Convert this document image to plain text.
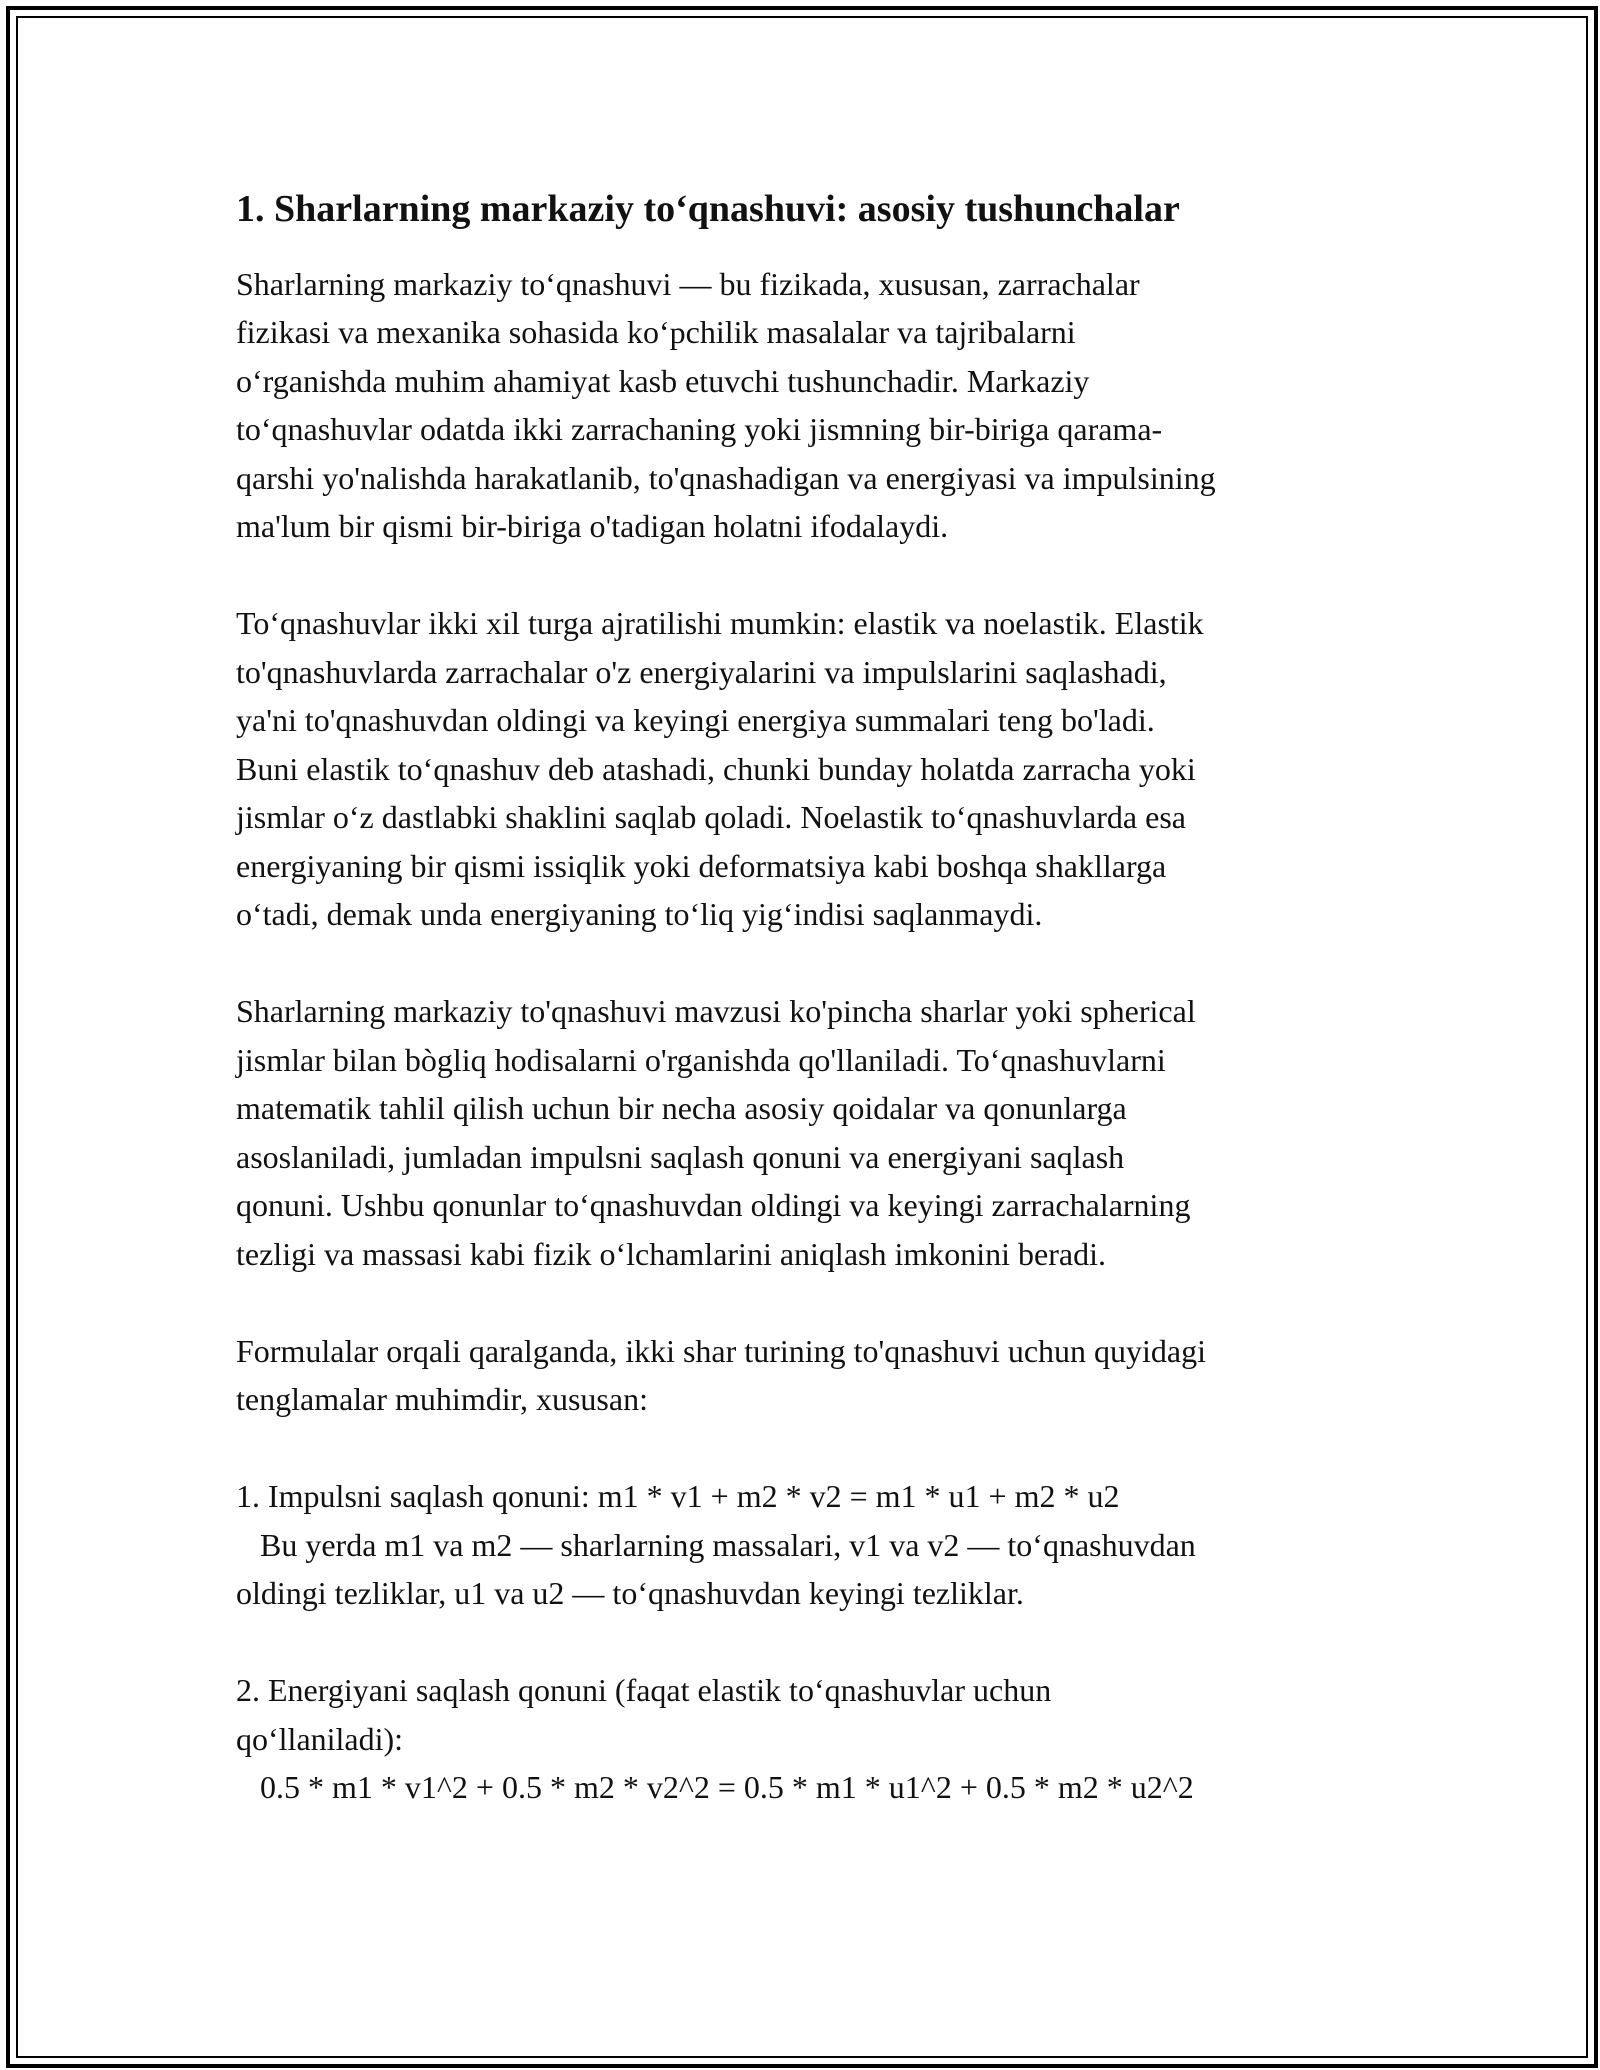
1. Sharlarning markaziy to‘qnashuvi: asosiy tushunchalar

Sharlarning markaziy to‘qnashuvi — bu fizikada, xususan, zarrachalar
fizikasi va mexanika sohasida ko‘pchilik masalalar va tajribalarni
o‘rganishda muhim ahamiyat kasb etuvchi tushunchadir. Markaziy
to‘qnashuvlar odatda ikki zarrachaning yoki jismning bir-biriga qarama-
qarshi yo'nalishda harakatlanib, to'qnashadigan va energiyasi va impulsining
ma'lum bir qismi bir-biriga o'tadigan holatni ifodalaydi.

To‘qnashuvlar ikki xil turga ajratilishi mumkin: elastik va noelastik. Elastik
to'qnashuvlarda zarrachalar o'z energiyalarini va impulslarini saqlashadi,
ya'ni to'qnashuvdan oldingi va keyingi energiya summalari teng bo'ladi.
Buni elastik to‘qnashuv deb atashadi, chunki bunday holatda zarracha yoki
jismlar o‘z dastlabki shaklini saqlab qoladi. Noelastik to‘qnashuvlarda esa
energiyaning bir qismi issiqlik yoki deformatsiya kabi boshqa shakllarga
o‘tadi, demak unda energiyaning to‘liq yig‘indisi saqlanmaydi.

Sharlarning markaziy to'qnashuvi mavzusi ko'pincha sharlar yoki spherical
jismlar bilan bògliq hodisalarni o'rganishda qo'llaniladi. To‘qnashuvlarni
matematik tahlil qilish uchun bir necha asosiy qoidalar va qonunlarga
asoslaniladi, jumladan impulsni saqlash qonuni va energiyani saqlash
qonuni. Ushbu qonunlar to‘qnashuvdan oldingi va keyingi zarrachalarning
tezligi va massasi kabi fizik o‘lchamlarini aniqlash imkonini beradi.

Formulalar orqali qaralganda, ikki shar turining to'qnashuvi uchun quyidagi
tenglamalar muhimdir, xususan:

1. Impulsni saqlash qonuni: m1 * v1 + m2 * v2 = m1 * u1 + m2 * u2
Bu yerda m1 va m2 — sharlarning massalari, v1 va v2 — to‘qnashuvdan
oldingi tezliklar, u1 va u2 — to‘qnashuvdan keyingi tezliklar.

2. Energiyani saqlash qonuni (faqat elastik to‘qnashuvlar uchun
qo‘llaniladi):
0.5 * m1 * v1^2 + 0.5 * m2 * v2^2 = 0.5 * m1 * u1^2 + 0.5 * m2 * u2^2
